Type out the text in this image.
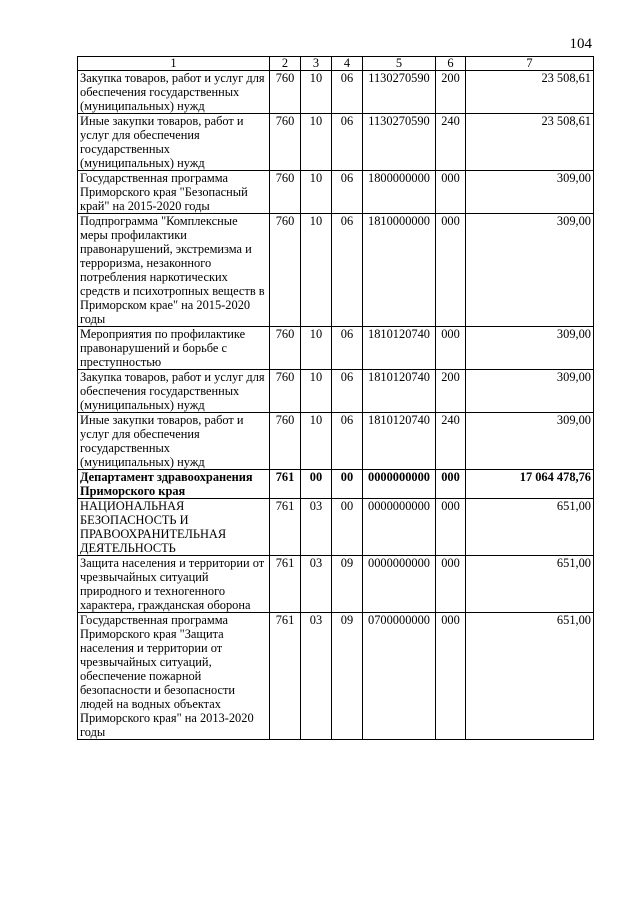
104
1	2	3	4	5	6	7
Закупка товаров, работ и услуг для обеспечения государственных (муниципальных) нужд	760	10	06	1130270590	200	23 508,61
Иные закупки товаров, работ и услуг для обеспечения государственных (муниципальных) нужд	760	10	06	1130270590	240	23 508,61
Государственная программа Приморского края "Безопасный край" на 2015-2020 годы	760	10	06	1800000000	000	309,00
Подпрограмма "Комплексные меры профилактики правонарушений, экстремизма и терроризма, незаконного потребления наркотических средств и психотропных веществ в Приморском крае" на 2015-2020 годы	760	10	06	1810000000	000	309,00
Мероприятия по профилактике правонарушений и борьбе с преступностью	760	10	06	1810120740	000	309,00
Закупка товаров, работ и услуг для обеспечения государственных (муниципальных) нужд	760	10	06	1810120740	200	309,00
Иные закупки товаров, работ и услуг для обеспечения государственных (муниципальных) нужд	760	10	06	1810120740	240	309,00
Департамент здравоохранения Приморского края	761	00	00	0000000000	000	17 064 478,76
НАЦИОНАЛЬНАЯ БЕЗОПАСНОСТЬ И ПРАВООХРАНИТЕЛЬНАЯ ДЕЯТЕЛЬНОСТЬ	761	03	00	0000000000	000	651,00
Защита населения и территории от чрезвычайных ситуаций природного и техногенного характера, гражданская оборона	761	03	09	0000000000	000	651,00
Государственная программа Приморского края "Защита населения и территории от чрезвычайных ситуаций, обеспечение пожарной безопасности и безопасности людей на водных объектах Приморского края" на 2013-2020 годы	761	03	09	0700000000	000	651,00
